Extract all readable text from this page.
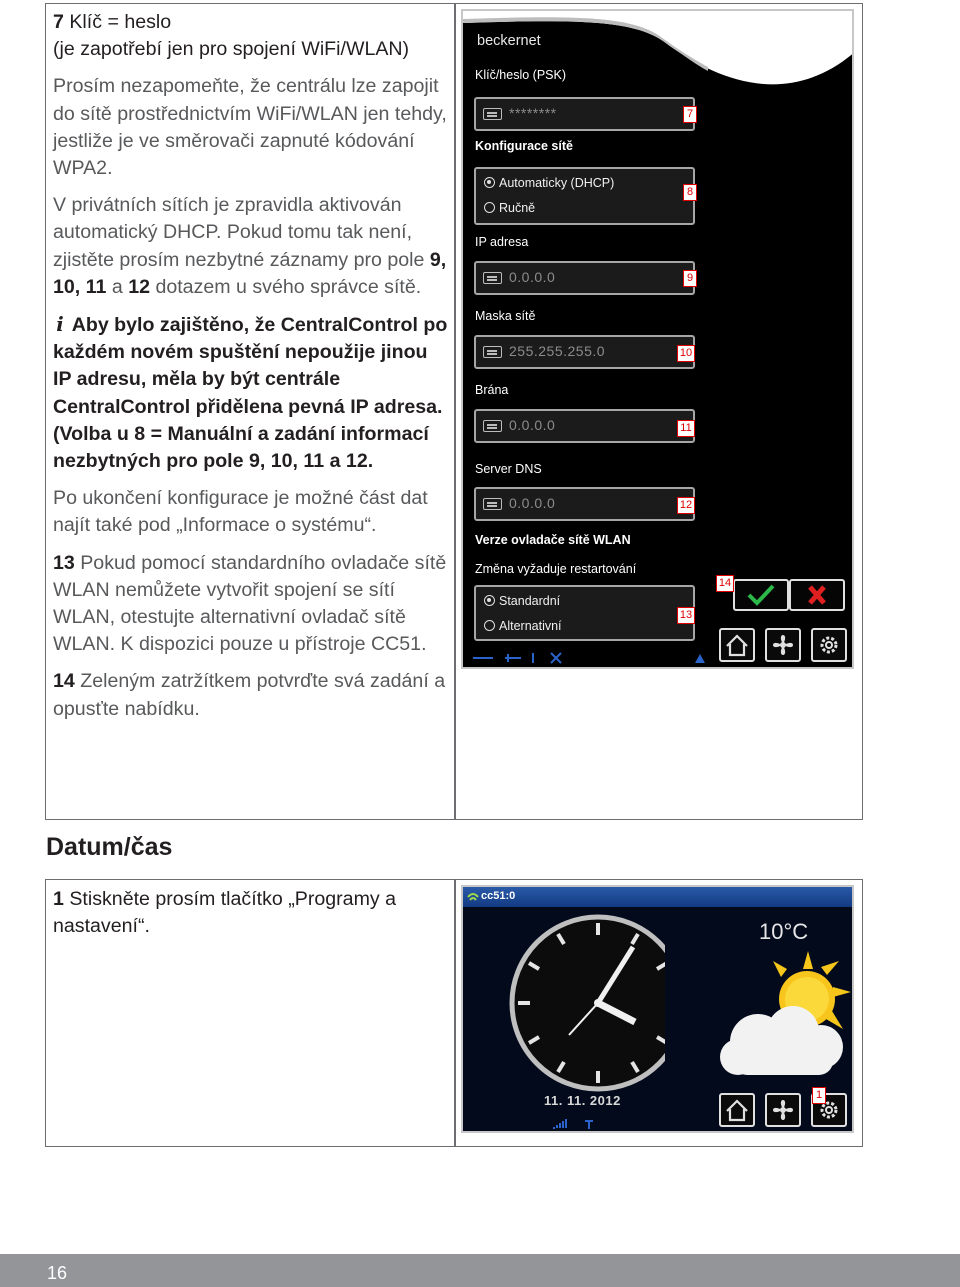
7 Klíč = heslo
(je zapotřebí jen pro spojení WiFi/WLAN)

Prosím nezapomeňte, že centrálu lze zapojit do sítě prostřednictvím WiFi/WLAN jen tehdy, jestliže je ve směrovači zapnuté kódování WPA2.

V privátních sítích je zpravidla aktivován automatický DHCP. Pokud tomu tak není, zjistěte prosím nezbytné záznamy pro pole 9, 10, 11 a 12 dotazem u svého správce sítě.

i Aby bylo zajištěno, že CentralControl po každém novém spuštění nepoužije jinou IP adresu, měla by být centrále CentralControl přidělena pevná IP adresa. (Volba u 8 = Manuální a zadání informací nezbytných pro pole 9, 10, 11 a 12.

Po ukončení konfigurace je možné část dat najít také pod „Informace o systému“.

13 Pokud pomocí standardního ovladače sítě WLAN nemůžete vytvořit spojení se sítí WLAN, otestujte alternativní ovladač sítě WLAN. K dispozici pouze u přístroje CC51.

14 Zeleným zatržítkem potvrďte svá zadání a opusťte nabídku.

beckernet
Klíč/heslo (PSK)
********	7
Konfigurace sítě
Automaticky (DHCP)
Ručně
8
IP adresa
0.0.0.0	9
Maska sítě
255.255.255.0	10
Brána
0.0.0.0	11
Server DNS
0.0.0.0	12
Verze ovladače sítě WLAN
Změna vyžaduje restartování
Standardní
Alternativní
13
14
Datum/čas
1 Stiskněte prosím tlačítko „Programy a nastavení“.
cc51:0
10°C
11. 11. 2012	1
16
